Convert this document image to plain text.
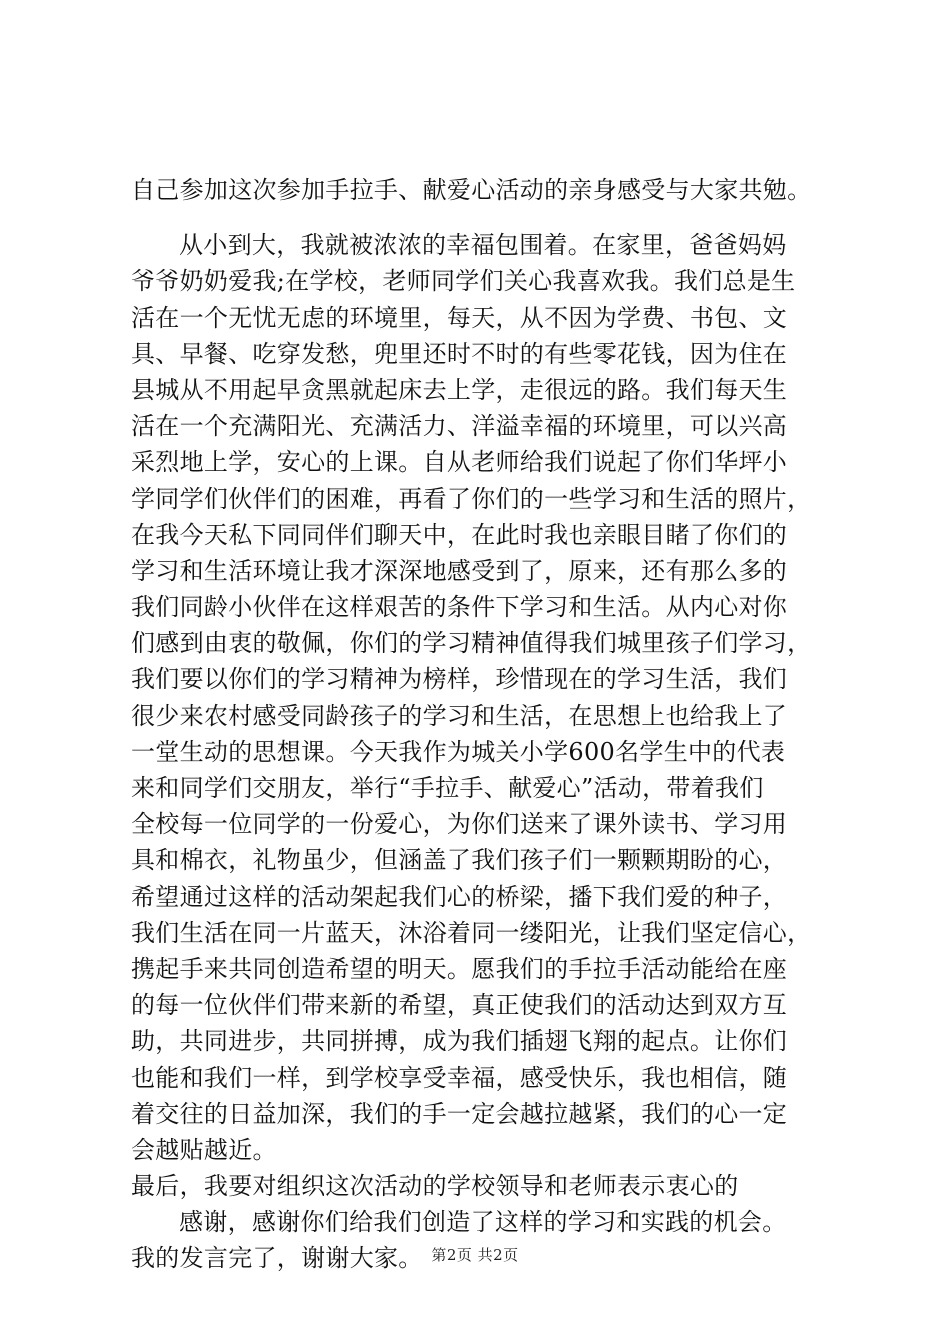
自己参加这次参加手拉手、献爱心活动的亲身感受与大家共勉。
从小到大，我就被浓浓的幸福包围着。在家里，爸爸妈妈
爷爷奶奶爱我;在学校，老师同学们关心我喜欢我。我们总是生
活在一个无忧无虑的环境里，每天，从不因为学费、书包、文
具、早餐、吃穿发愁，兜里还时不时的有些零花钱，因为住在
县城从不用起早贪黑就起床去上学，走很远的路。我们每天生
活在一个充满阳光、充满活力、洋溢幸福的环境里，可以兴高
采烈地上学，安心的上课。自从老师给我们说起了你们华坪小
学同学们伙伴们的困难，再看了你们的一些学习和生活的照片，
在我今天私下同同伴们聊天中，在此时我也亲眼目睹了你们的
学习和生活环境让我才深深地感受到了，原来，还有那么多的
我们同龄小伙伴在这样艰苦的条件下学习和生活。从内心对你
们感到由衷的敬佩，你们的学习精神值得我们城里孩子们学习，
我们要以你们的学习精神为榜样，珍惜现在的学习生活，我们
很少来农村感受同龄孩子的学习和生活，在思想上也给我上了
一堂生动的思想课。今天我作为城关小学600名学生中的代表
来和同学们交朋友，举行“手拉手、献爱心”活动，带着我们
全校每一位同学的一份爱心，为你们送来了课外读书、学习用
具和棉衣，礼物虽少，但涵盖了我们孩子们一颗颗期盼的心，
希望通过这样的活动架起我们心的桥梁，播下我们爱的种子，
我们生活在同一片蓝天，沐浴着同一缕阳光，让我们坚定信心，
携起手来共同创造希望的明天。愿我们的手拉手活动能给在座
的每一位伙伴们带来新的希望，真正使我们的活动达到双方互
助，共同进步，共同拼搏，成为我们插翅飞翔的起点。让你们
也能和我们一样，到学校享受幸福，感受快乐，我也相信，随
着交往的日益加深，我们的手一定会越拉越紧，我们的心一定
会越贴越近。
最后，我要对组织这次活动的学校领导和老师表示衷心的
感谢，感谢你们给我们创造了这样的学习和实践的机会。
我的发言完了，谢谢大家。 第2页 共2页
